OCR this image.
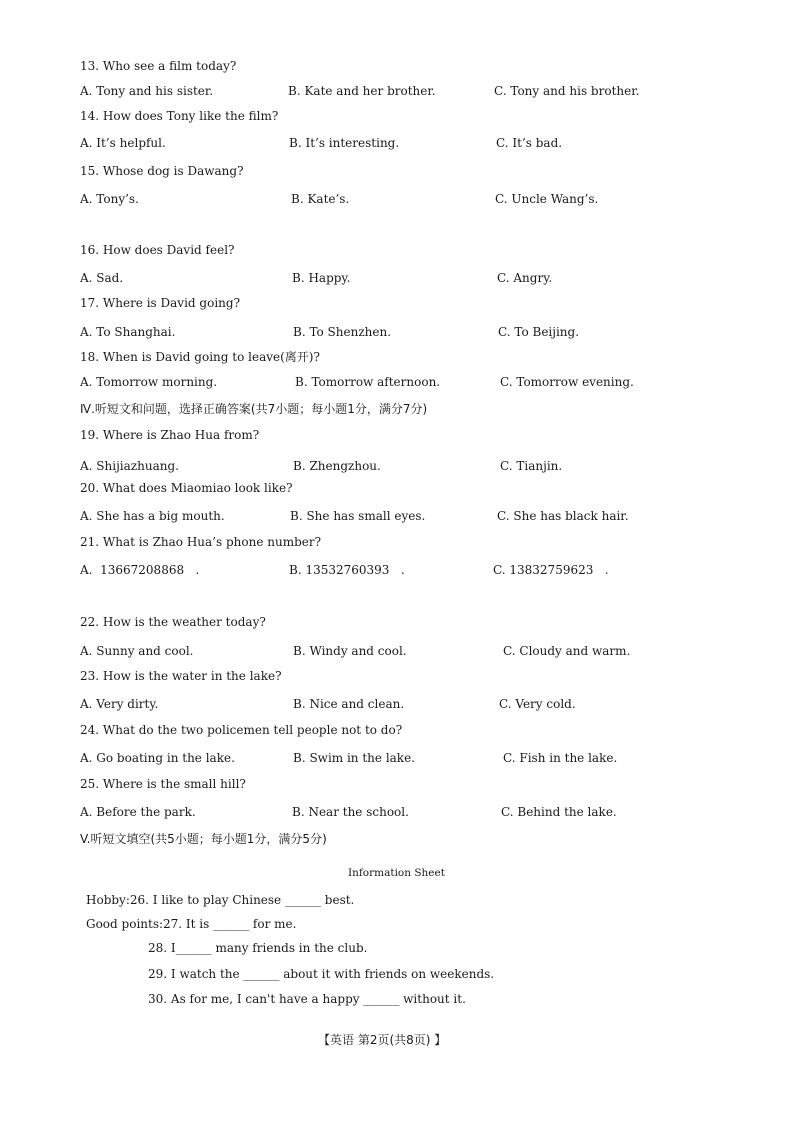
13. Who see a film today?
A. Tony and his sister.	B. Kate and her brother.	C. Tony and his brother.
14. How does Tony like the film?
A. It’s helpful.	B. It’s interesting.	C. It’s bad.
15. Whose dog is Dawang?
A. Tony’s.	B. Kate’s.	C. Uncle Wang’s.
16. How does David feel?
A. Sad.	B. Happy.	C. Angry.
17. Where is David going?
A. To Shanghai.	B. To Shenzhen.	C. To Beijing.
18. When is David going to leave(离开)?
A. Tomorrow morning.	B. Tomorrow afternoon.	C. Tomorrow evening.
Ⅳ.听短文和问题，选择正确答案(共7小题；每小题1分，满分7分)
19. Where is Zhao Hua from?
A. Shijiazhuang.	B. Zhengzhou.	C. Tianjin.
20. What does Miaomiao look like?
A. She has a big mouth.	B. She has small eyes.	C. She has black hair.
21. What is Zhao Hua’s phone number?
A.  13667208868   .	B. 13532760393   .	C. 13832759623   .
22. How is the weather today?
A. Sunny and cool.	B. Windy and cool.	C. Cloudy and warm.
23. How is the water in the lake?
A. Very dirty.	B. Nice and clean.	C. Very cold.
24. What do the two policemen tell people not to do?
A. Go boating in the lake.	B. Swim in the lake.	C. Fish in the lake.
25. Where is the small hill?
A. Before the park.	B. Near the school.	C. Behind the lake.
V.听短文填空(共5小题；每小题1分，满分5分)
Information Sheet
Hobby:26. I like to play Chinese ______ best.
Good points:27. It is ______ for me.
28. I______ many friends in the club.
29. I watch the ______ about it with friends on weekends.
30. As for me, I can't have a happy ______ without it.
【英语 第2页(共8页) 】
